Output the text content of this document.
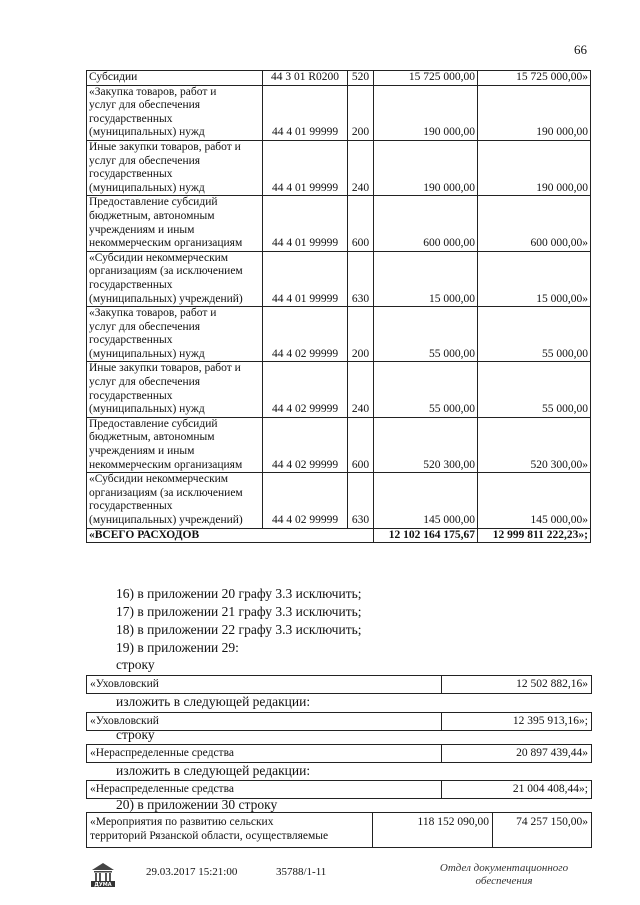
66
Субсидии	44 3 01 R0200	520	15 725 000,00	15 725 000,00»
«Закупка товаров, работ и
услуг для обеспечения
государственных
(муниципальных) нужд	44 4 01 99999	200	190 000,00	190 000,00
Иные закупки товаров, работ и
услуг для обеспечения
государственных
(муниципальных) нужд	44 4 01 99999	240	190 000,00	190 000,00
Предоставление субсидий
бюджетным, автономным
учреждениям и иным
некоммерческим организациям	44 4 01 99999	600	600 000,00	600 000,00»
«Субсидии некоммерческим
организациям (за исключением
государственных
(муниципальных) учреждений)	44 4 01 99999	630	15 000,00	15 000,00»
«Закупка товаров, работ и
услуг для обеспечения
государственных
(муниципальных) нужд	44 4 02 99999	200	55 000,00	55 000,00
Иные закупки товаров, работ и
услуг для обеспечения
государственных
(муниципальных) нужд	44 4 02 99999	240	55 000,00	55 000,00
Предоставление субсидий
бюджетным, автономным
учреждениям и иным
некоммерческим организациям	44 4 02 99999	600	520 300,00	520 300,00»
«Субсидии некоммерческим
организациям (за исключением
государственных
(муниципальных) учреждений)	44 4 02 99999	630	145 000,00	145 000,00»
«ВСЕГО РАСХОДОВ			12 102 164 175,67	12 999 811 222,23»;
16) в приложении 20 графу 3.3 исключить;
17) в приложении 21 графу 3.3 исключить;
18) в приложении 22 графу 3.3 исключить;
19) в приложении 29:
строку
«Уховловский	12 502 882,16»
изложить в следующей редакции:
«Уховловский	12 395 913,16»;
строку
«Нераспределенные средства	20 897 439,44»
изложить в следующей редакции:
«Нераспределенные средства	21 004 408,44»;
20) в приложении 30 строку
«Мероприятия по развитию сельских
территорий Рязанской области, осуществляемые
118 152 090,00	74 257 150,00»
ДУМА
29.03.2017 15:21:00	35788/1-11	Отдел документационного
обеспечения
